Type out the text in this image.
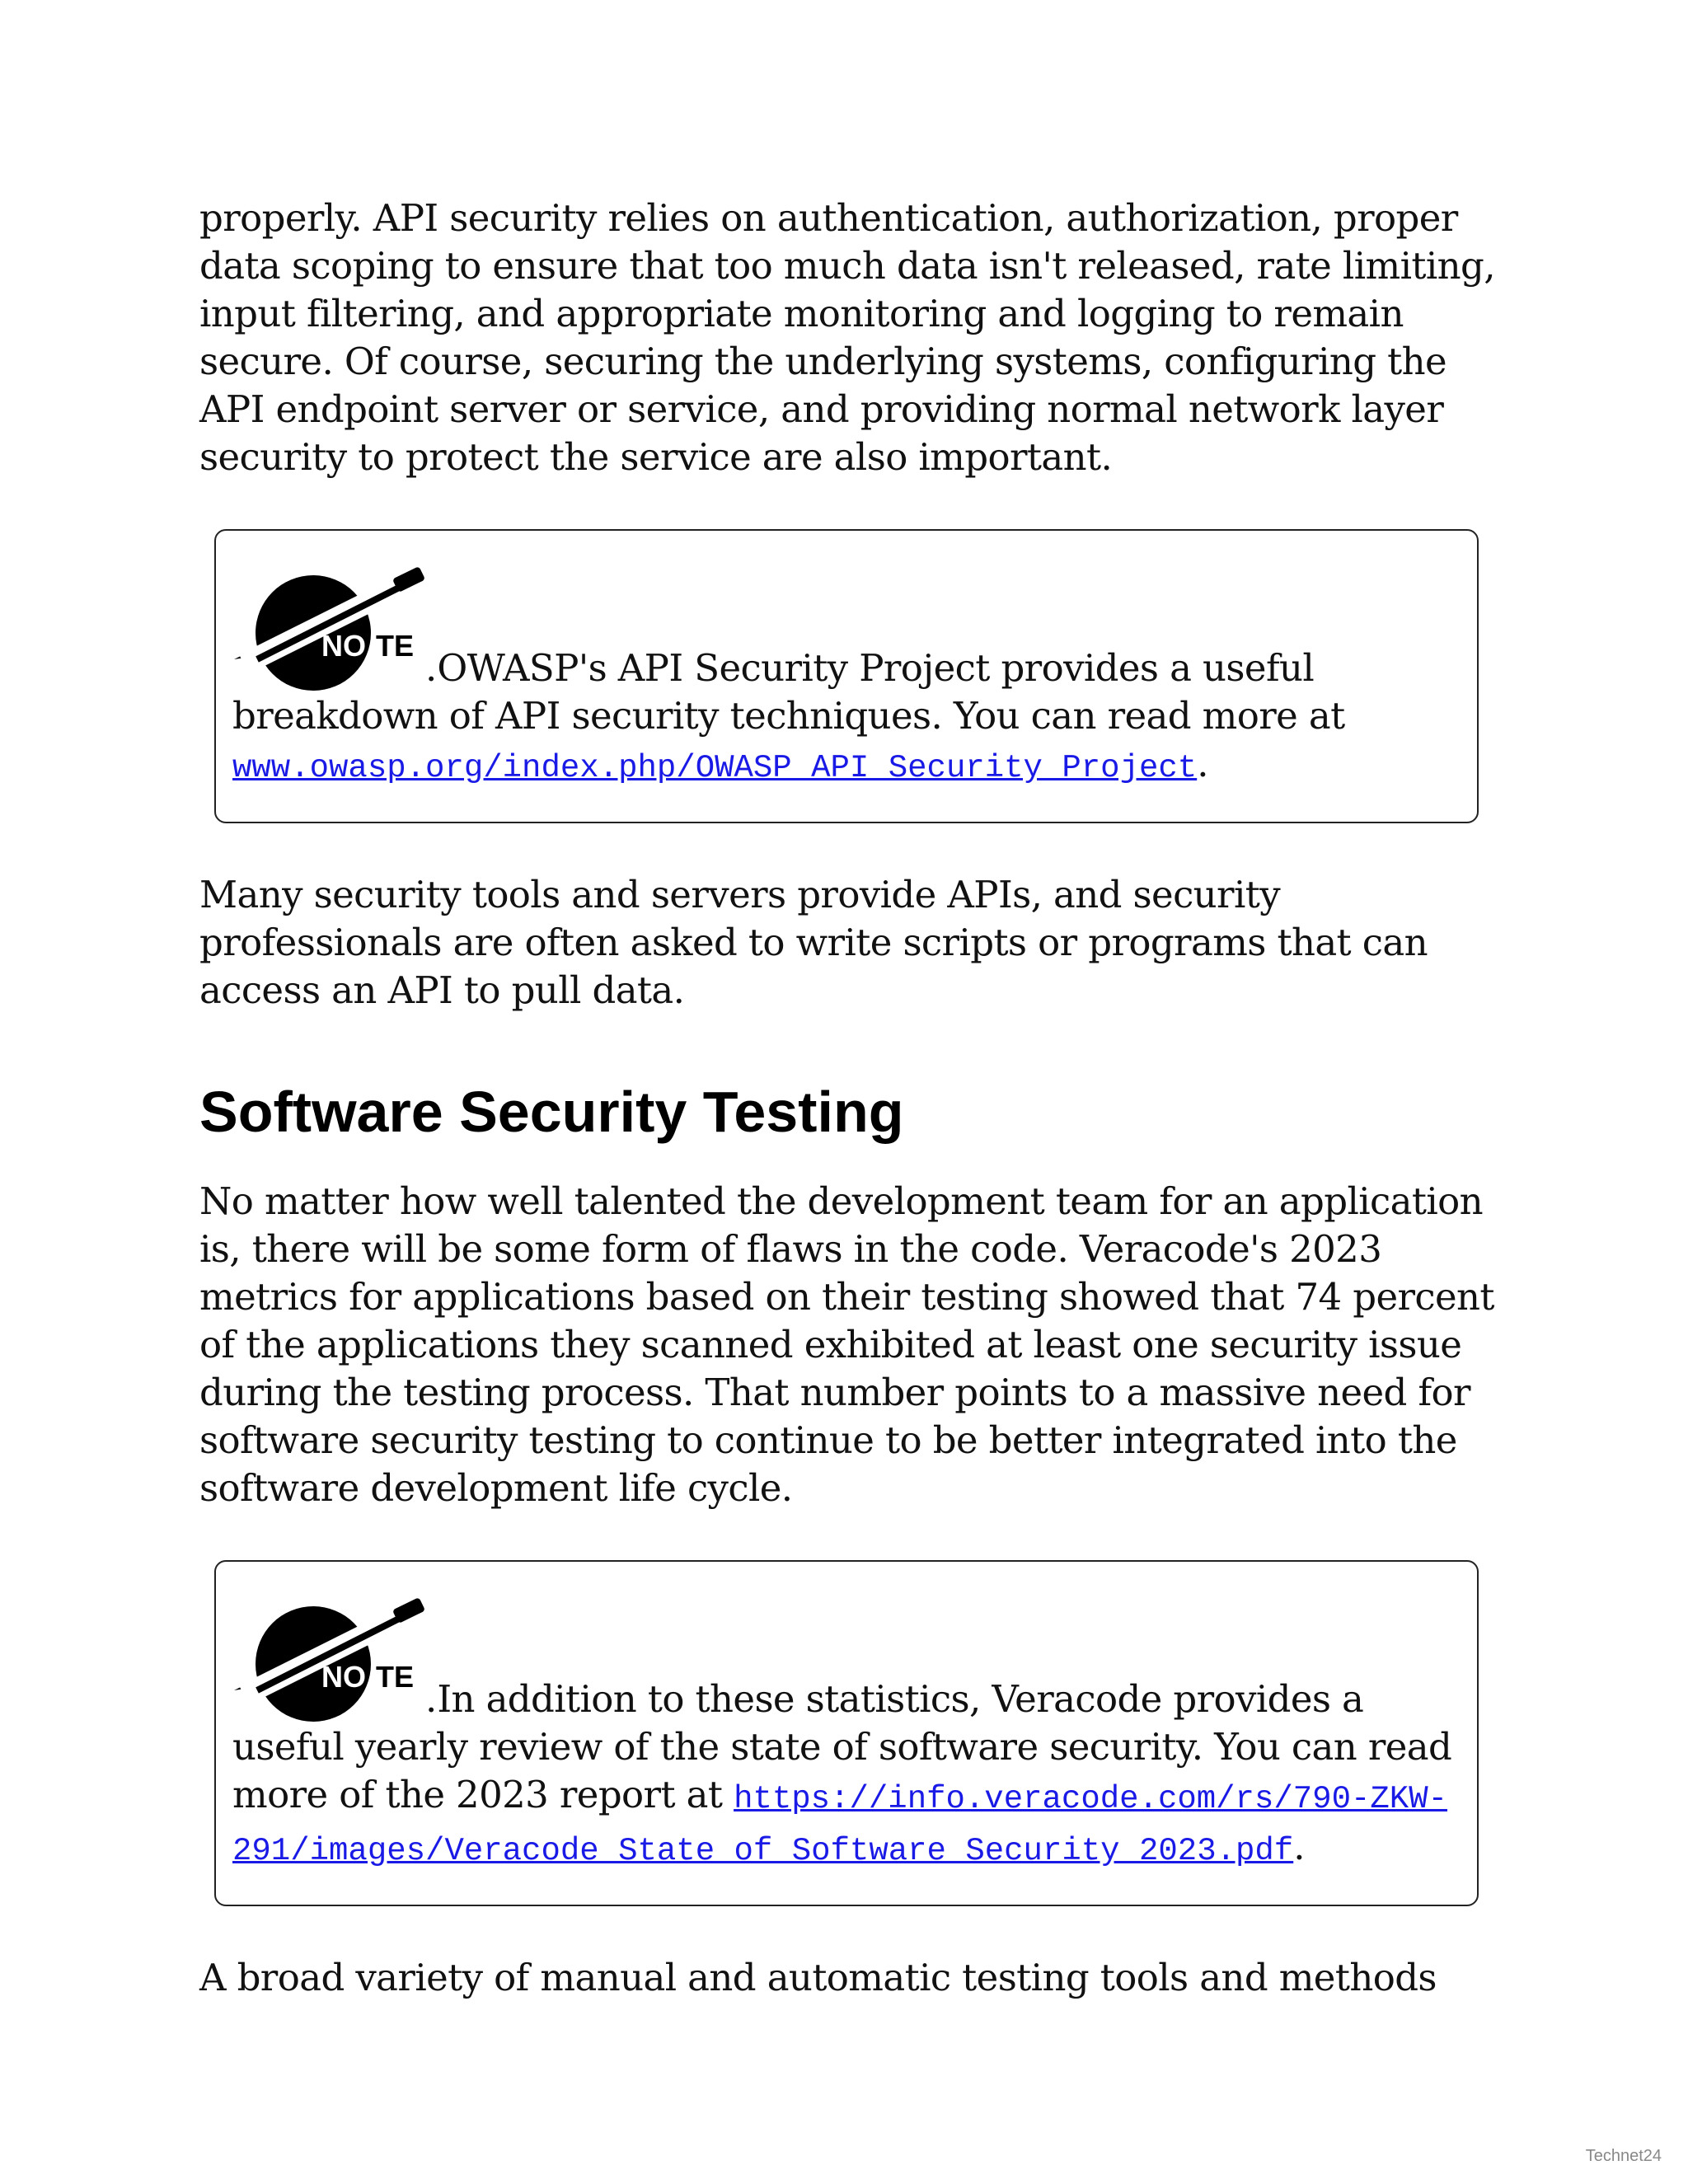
properly. API security relies on authentication, authorization, proper data scoping to ensure that too much data isn't released, rate limiting, input filtering, and appropriate monitoring and logging to remain secure. Of course, securing the underlying systems, configuring the API endpoint server or service, and providing normal network layer security to protect the service are also important.

NO TE
. OWASP's API Security Project provides a useful
breakdown of API security techniques. You can read more at
www.owasp.org/index.php/OWASP_API_Security_Project.

Many security tools and servers provide APIs, and security professionals are often asked to write scripts or programs that can access an API to pull data.

Software Security Testing

No matter how well talented the development team for an application is, there will be some form of flaws in the code. Veracode's 2023 metrics for applications based on their testing showed that 74 percent of the applications they scanned exhibited at least one security issue during the testing process. That number points to a massive need for software security testing to continue to be better integrated into the software development life cycle.

NO TE
. In addition to these statistics, Veracode provides a
useful yearly review of the state of software security. You can read more of the 2023 report at https://info.veracode.com/rs/790-ZKW-291/images/Veracode_State_of_Software_Security_2023.pdf.

A broad variety of manual and automatic testing tools and methods

Technet24
